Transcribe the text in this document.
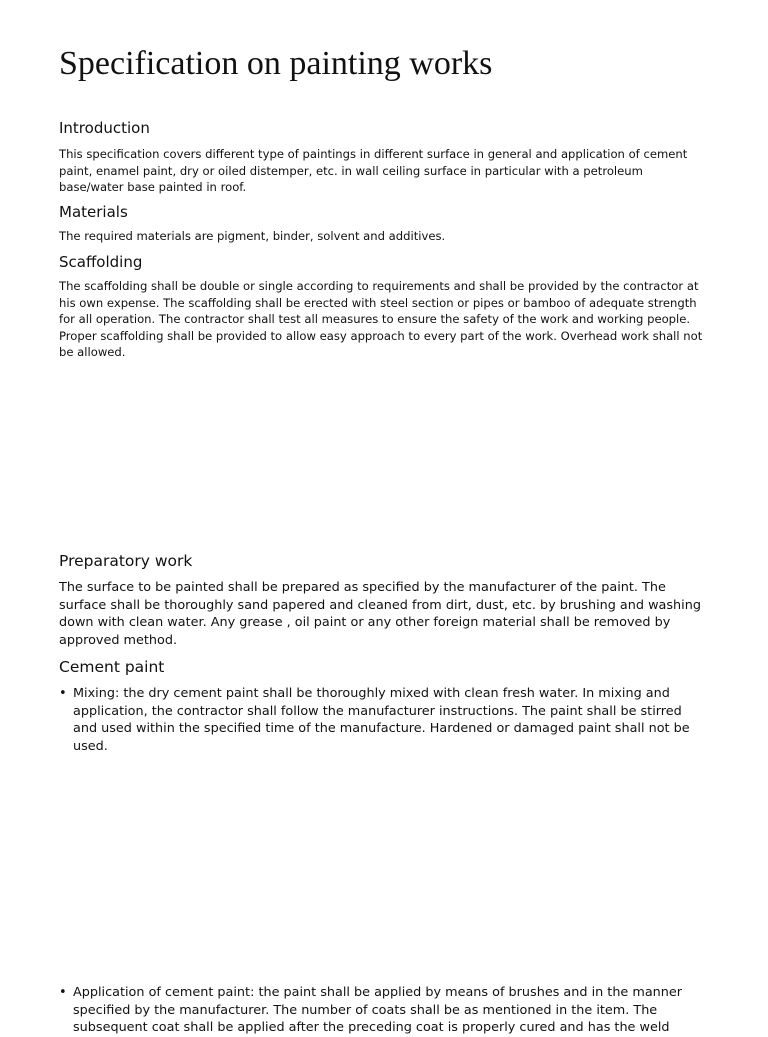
Specification on painting works
Introduction

This specification covers different type of paintings in different surface in general and application of cement paint, enamel paint, dry or oiled distemper, etc. in wall ceiling surface in particular with a petroleum base/water base painted in roof.

Materials

The required materials are pigment, binder, solvent and additives.

Scaffolding

The scaffolding shall be double or single according to requirements and shall be provided by the contractor at his own expense. The scaffolding shall be erected with steel section or pipes or bamboo of adequate strength for all operation. The contractor shall test all measures to ensure the safety of the work and working people. Proper scaffolding shall be provided to allow easy approach to every part of the work. Overhead work shall not be allowed.

Preparatory work

The surface to be painted shall be prepared as specified by the manufacturer of the paint. The surface shall be thoroughly sand papered and cleaned from dirt, dust, etc. by brushing and washing down with clean water. Any grease , oil paint or any other foreign material shall be removed by approved method.

Cement paint
• Mixing: the dry cement paint shall be thoroughly mixed with clean fresh water. In mixing and application, the contractor shall follow the manufacturer instructions. The paint shall be stirred and used within the specified time of the manufacture. Hardened or damaged paint shall not be used.

• Application of cement paint: the paint shall be applied by means of brushes and in the manner specified by the manufacturer. The number of coats shall be as mentioned in the item. The subsequent coat shall be applied after the preceding coat is properly cured and has the weld
